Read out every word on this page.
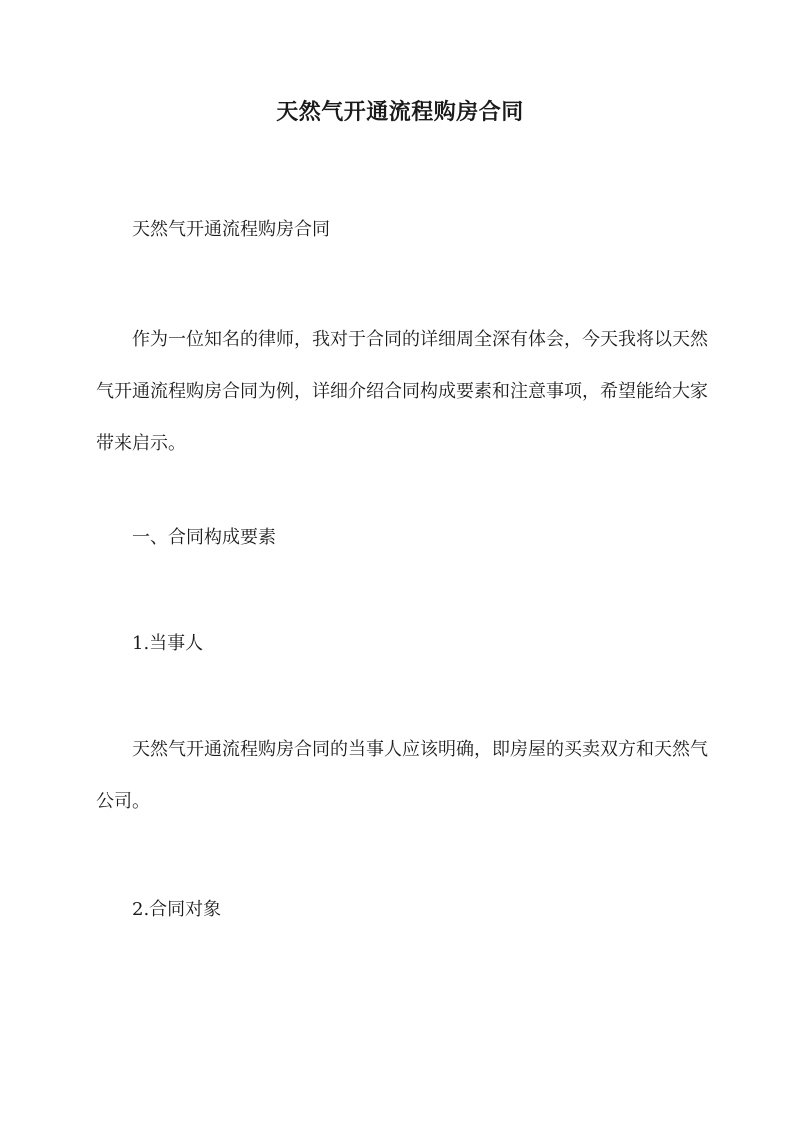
天然气开通流程购房合同

天然气开通流程购房合同

作为一位知名的律师，我对于合同的详细周全深有体会，今天我将以天然气开通流程购房合同为例，详细介绍合同构成要素和注意事项，希望能给大家带来启示。

一、合同构成要素

1.当事人

天然气开通流程购房合同的当事人应该明确，即房屋的买卖双方和天然气公司。

2.合同对象
